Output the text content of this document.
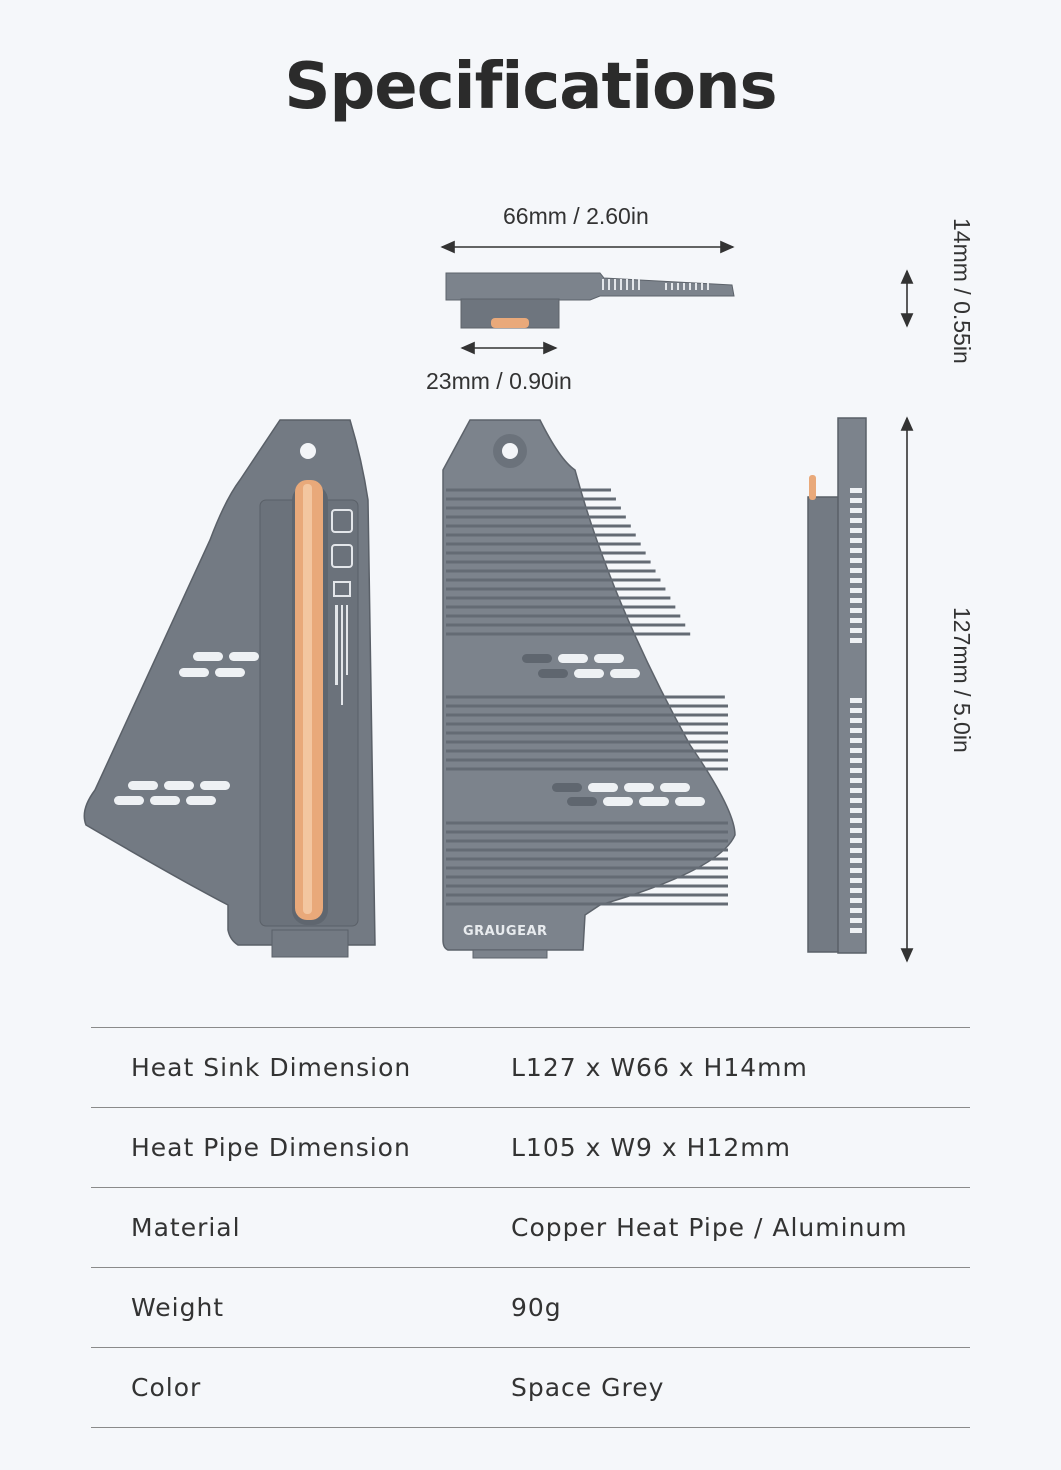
Specifications
66mm / 2.60in
23mm / 0.90in
14mm / 0.55in
127mm / 5.0in
GRAUGEAR
Heat Sink Dimension	L127 x W66 x H14mm
Heat Pipe Dimension	L105 x W9 x H12mm
Material	Copper Heat Pipe / Aluminum
Weight	90g
Color	Space Grey
